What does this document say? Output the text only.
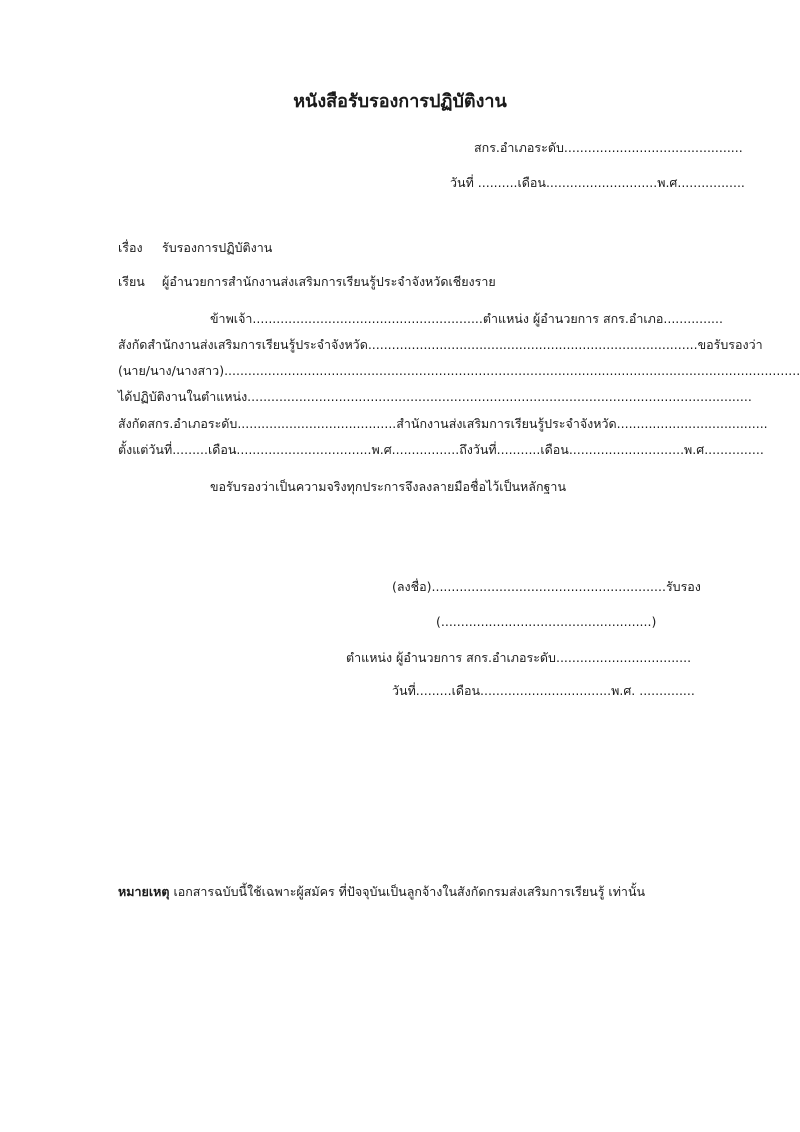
หนังสือรับรองการปฏิบัติงาน
สกร.อำเภอระดับ.............................................
วันที่ ..........เดือน............................พ.ศ.................
เรื่อง รับรองการปฏิบัติงาน
เรียน ผู้อำนวยการสำนักงานส่งเสริมการเรียนรู้ประจำจังหวัดเชียงราย
ข้าพเจ้า..........................................................ตำแหน่ง ผู้อำนวยการ สกร.อำเภอ...............
สังกัดสำนักงานส่งเสริมการเรียนรู้ประจำจังหวัด...................................................................................ขอรับรองว่า
(นาย/นาง/นางสาว).................................................................................................................................................
ได้ปฏิบัติงานในตำแหน่ง...............................................................................................................................
สังกัดสกร.อำเภอระดับ........................................สำนักงานส่งเสริมการเรียนรู้ประจำจังหวัด......................................
ตั้งแต่วันที่.........เดือน..................................พ.ศ.................ถึงวันที่...........เดือน.............................พ.ศ...............
ขอรับรองว่าเป็นความจริงทุกประการจึงลงลายมือชื่อไว้เป็นหลักฐาน
(ลงชื่อ)...........................................................รับรอง
(.....................................................)
ตำแหน่ง ผู้อำนวยการ สกร.อำเภอระดับ..................................
วันที่.........เดือน.................................พ.ศ. ..............
หมายเหตุ เอกสารฉบับนี้ใช้เฉพาะผู้สมัคร ที่ปัจจุบันเป็นลูกจ้างในสังกัดกรมส่งเสริมการเรียนรู้ เท่านั้น
